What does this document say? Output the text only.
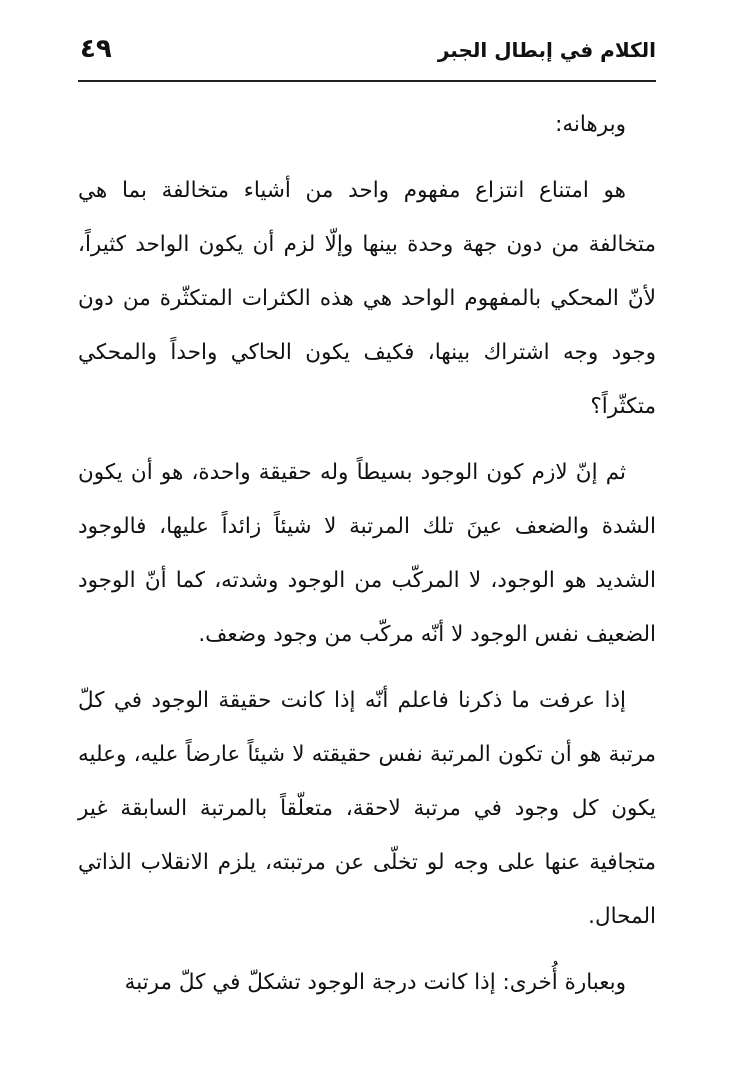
الكلام في إبطال الجبر
٤٩

وبرهانه:

هو امتناع انتزاع مفهوم واحد من أشياء متخالفة بما هي متخالفة من دون جهة وحدة بينها وإلّا لزم أن يكون الواحد كثيراً، لأنّ المحكي بالمفهوم الواحد هي هذه الكثرات المتكثّرة من دون وجود وجه اشتراك بينها، فكيف يكون الحاكي واحداً والمحكي متكثّراً؟

ثم إنّ لازم كون الوجود بسيطاً وله حقيقة واحدة، هو أن يكون الشدة والضعف عينَ تلك المرتبة لا شيئاً زائداً عليها، فالوجود الشديد هو الوجود، لا المركّب من الوجود وشدته، كما أنّ الوجود الضعيف نفس الوجود لا أنّه مركّب من وجود وضعف.

إذا عرفت ما ذكرنا فاعلم أنّه إذا كانت حقيقة الوجود في كلّ مرتبة هو أن تكون المرتبة نفس حقيقته لا شيئاً عارضاً عليه، وعليه يكون كل وجود في مرتبة لاحقة، متعلّقاً بالمرتبة السابقة غير متجافية عنها على وجه لو تخلّى عن مرتبته، يلزم الانقلاب الذاتي المحال.

وبعبارة أُخرى: إذا كانت درجة الوجود تشكلّ في كلّ مرتبة
